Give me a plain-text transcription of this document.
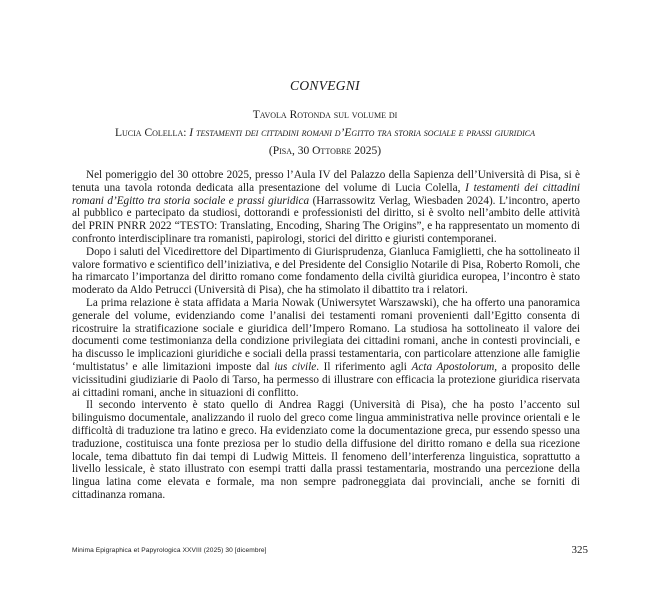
CONVEGNI
Tavola Rotonda sul volume di
Lucia Colella: I testamenti dei cittadini romani d’Egitto tra storia sociale e prassi giuridica
(Pisa, 30 Ottobre 2025)

Nel pomeriggio del 30 ottobre 2025, presso l’Aula IV del Palazzo della Sapienza dell’Università di Pisa, si è tenuta una tavola rotonda dedicata alla presentazione del volume di Lucia Colella, I testamenti dei cittadini romani d’Egitto tra storia sociale e prassi giuridica (Harrassowitz Verlag, Wiesbaden 2024). L’incontro, aperto al pubblico e partecipato da studiosi, dottorandi e professionisti del diritto, si è svolto nell’ambito delle attività del PRIN PNRR 2022 “TESTO: Translating, Encoding, Sharing The Origins”, e ha rappresentato un momento di confronto interdisciplinare tra romanisti, papirologi, storici del diritto e giuristi contemporanei.

Dopo i saluti del Vicedirettore del Dipartimento di Giurisprudenza, Gianluca Famiglietti, che ha sottolineato il valore formativo e scientifico dell’iniziativa, e del Presidente del Consiglio Notarile di Pisa, Roberto Romoli, che ha rimarcato l’importanza del diritto romano come fondamento della civiltà giuridica europea, l’incontro è stato moderato da Aldo Petrucci (Università di Pisa), che ha stimolato il dibattito tra i relatori.

La prima relazione è stata affidata a Maria Nowak (Uniwersytet Warszawski), che ha offerto una panoramica generale del volume, evidenziando come l’analisi dei testamenti romani provenienti dall’Egitto consenta di ricostruire la stratificazione sociale e giuridica dell’Impero Romano. La studiosa ha sottolineato il valore dei documenti come testimonianza della condizione privilegiata dei cittadini romani, anche in contesti provinciali, e ha discusso le implicazioni giuridiche e sociali della prassi testamentaria, con particolare attenzione alle famiglie ‘multistatus’ e alle limitazioni imposte dal ius civile. Il riferimento agli Acta Apostolorum, a proposito delle vicissitudini giudiziarie di Paolo di Tarso, ha permesso di illustrare con efficacia la protezione giuridica riservata ai cittadini romani, anche in situazioni di conflitto.

Il secondo intervento è stato quello di Andrea Raggi (Università di Pisa), che ha posto l’accento sul bilinguismo documentale, analizzando il ruolo del greco come lingua amministrativa nelle province orientali e le difficoltà di traduzione tra latino e greco. Ha evidenziato come la documentazione greca, pur essendo spesso una traduzione, costituisca una fonte preziosa per lo studio della diffusione del diritto romano e della sua ricezione locale, tema dibattuto fin dai tempi di Ludwig Mitteis. Il fenomeno dell’interferenza linguistica, soprattutto a livello lessicale, è stato illustrato con esempi tratti dalla prassi testamentaria, mostrando una percezione della lingua latina come elevata e formale, ma non sempre padroneggiata dai provinciali, anche se forniti di cittadinanza romana.

Minima Epigraphica et Papyrologica XXVIII (2025) 30 [dicembre]	325
